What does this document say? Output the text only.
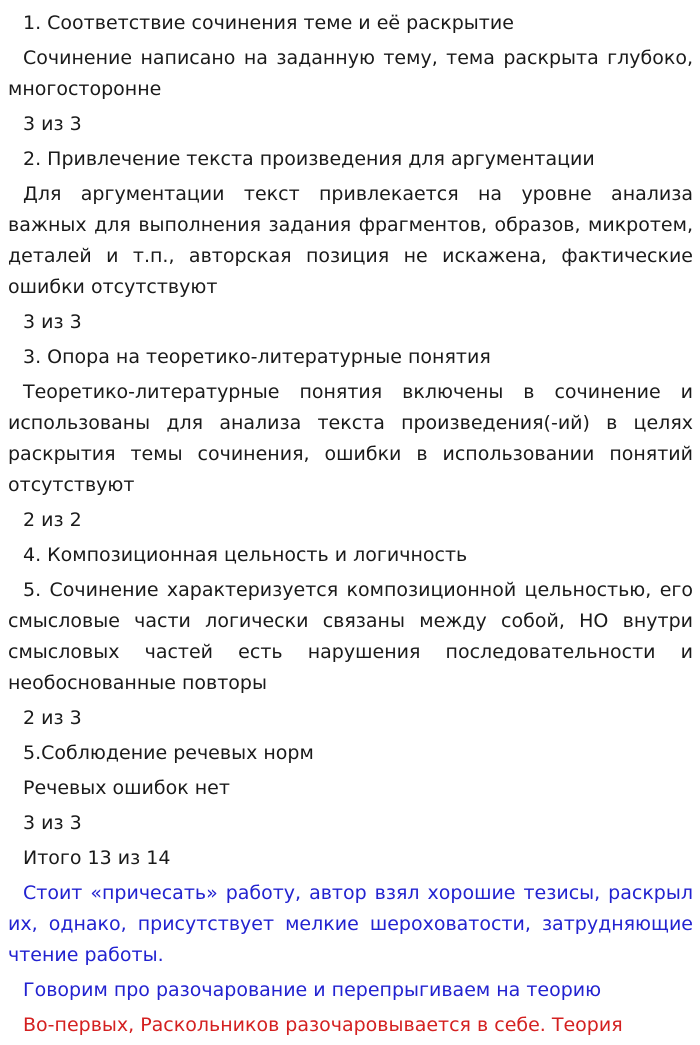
1. Соответствие сочинения теме и её раскрытие

Сочинение написано на заданную тему, тема раскрыта глубоко, многосторонне

3 из 3

2. Привлечение текста произведения для аргументации

Для аргументации текст привлекается на уровне анализа важных для выполнения задания фрагментов, образов, микротем, деталей и т.п., авторская позиция не искажена, фактические ошибки отсутствуют

3 из 3

3. Опора на теоретико-литературные понятия

Теоретико-литературные понятия включены в сочинение и использованы для анализа текста произведения(-ий) в целях раскрытия темы сочинения, ошибки в использовании понятий отсутствуют

2 из 2

4. Композиционная цельность и логичность

5. Сочинение характеризуется композиционной цельностью, его смысловые части логически связаны между собой, НО внутри смысловых частей есть нарушения последовательности и необоснованные повторы

2 из 3

5.Соблюдение речевых норм

Речевых ошибок нет

3 из 3

Итого 13 из 14

Стоит «причесать» работу, автор взял хорошие тезисы, раскрыл их, однако, присутствует мелкие шероховатости, затрудняющие чтение работы.

Говорим про разочарование и перепрыгиваем на теорию

Во-первых, Раскольников разочаровывается в себе. Теория
